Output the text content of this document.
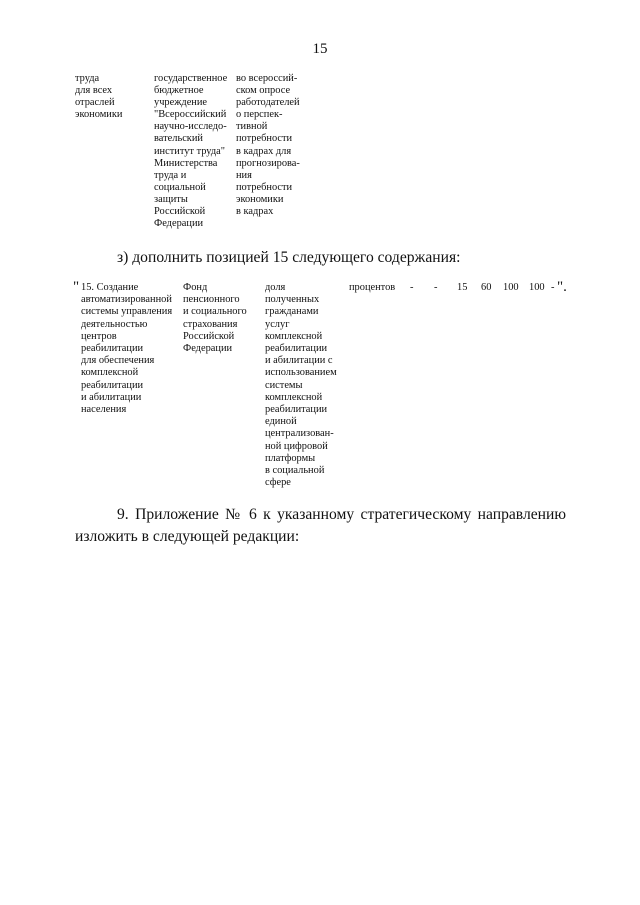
15
труда
для всех
отраслей
экономики
государственное
бюджетное
учреждение
"Всероссийский
научно-исследо-
вательский
институт труда"
Министерства
труда и
социальной
защиты
Российской
Федерации
во всероссий-
ском опросе
работодателей
о перспек-
тивной
потребности
в кадрах для
прогнозирова-
ния
потребности
экономики
в кадрах
з) дополнить позицией 15 следующего содержания:
" 15. Создание
автоматизированной
системы управления
деятельностью
центров
реабилитации
для обеспечения
комплексной
реабилитации
и абилитации
населения
Фонд
пенсионного
и социального
страхования
Российской
Федерации
доля
полученных
гражданами
услуг
комплексной
реабилитации
и абилитации с
использованием
системы
комплексной
реабилитации
единой
централизован-
ной цифровой
платформы
в социальной
сфере
процентов - - 15 60 100 100 - ".
9. Приложение № 6 к указанному стратегическому направлению
изложить в следующей редакции:
